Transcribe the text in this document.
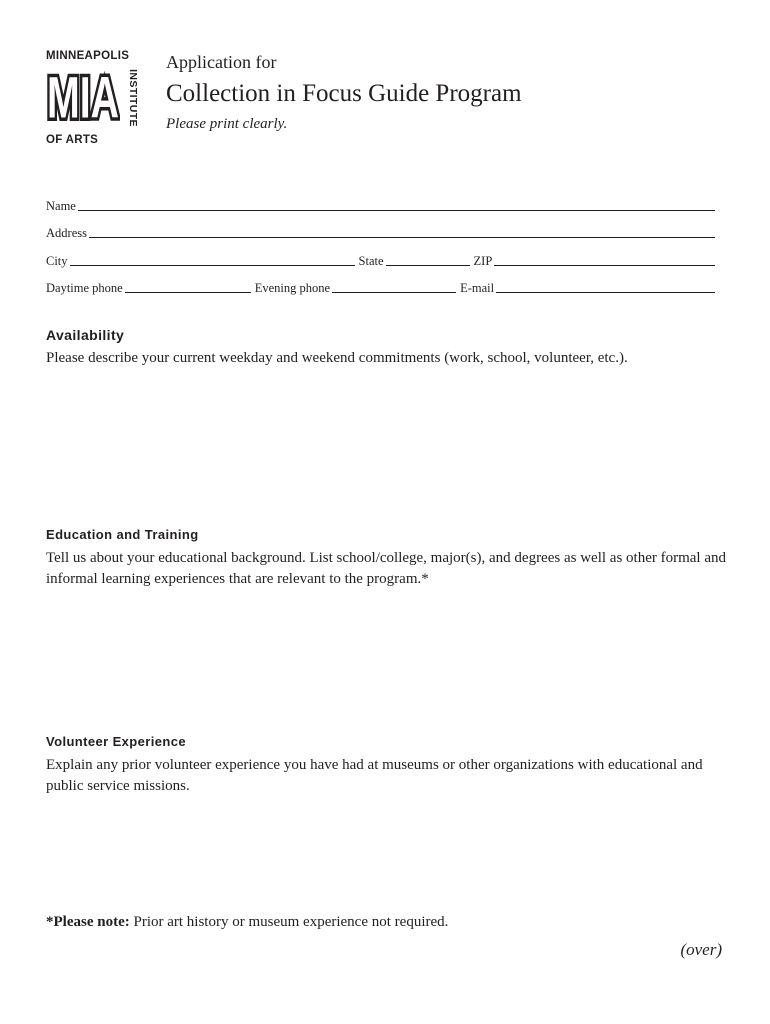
MINNEAPOLIS
MIA INSTITUTE
OF ARTS
Application for
Collection in Focus Guide Program
Please print clearly.
Name
Address
City	State	ZIP
Daytime phone	Evening phone	E-mail
Availability
Please describe your current weekday and weekend commitments (work, school, volunteer, etc.).
Education and Training
Tell us about your educational background. List school/college, major(s), and degrees as well as other formal and informal learning experiences that are relevant to the program.*
Volunteer Experience
Explain any prior volunteer experience you have had at museums or other organizations with educational and public service missions.
*Please note: Prior art history or museum experience not required.
(over)
